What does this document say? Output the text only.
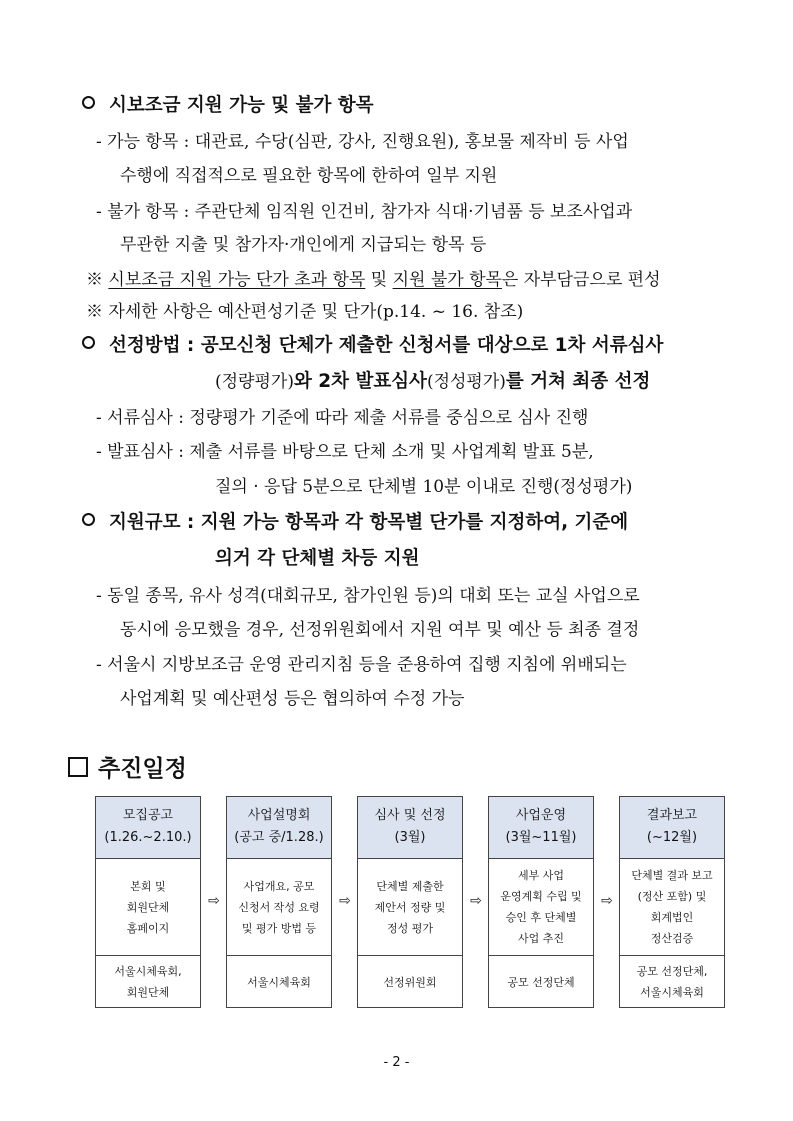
시보조금 지원 가능 및 불가 항목
- 가능 항목 : 대관료, 수당(심판, 강사, 진행요원), 홍보물 제작비 등 사업
수행에 직접적으로 필요한 항목에 한하여 일부 지원
- 불가 항목 : 주관단체 임직원 인건비, 참가자 식대·기념품 등 보조사업과
무관한 지출 및 참가자·개인에게 지급되는 항목 등
※ 시보조금 지원 가능 단가 초과 항목 및 지원 불가 항목은 자부담금으로 편성
※ 자세한 사항은 예산편성기준 및 단가(p.14. ~ 16. 참조)
선정방법 : 공모신청 단체가 제출한 신청서를 대상으로 1차 서류심사
(정량평가)와 2차 발표심사(정성평가)를 거쳐 최종 선정
- 서류심사 : 정량평가 기준에 따라 제출 서류를 중심으로 심사 진행
- 발표심사 : 제출 서류를 바탕으로 단체 소개 및 사업계획 발표 5분,
질의 · 응답 5분으로 단체별 10분 이내로 진행(정성평가)
지원규모 : 지원 가능 항목과 각 항목별 단가를 지정하여, 기준에
의거 각 단체별 차등 지원
- 동일 종목, 유사 성격(대회규모, 참가인원 등)의 대회 또는 교실 사업으로
동시에 응모했을 경우, 선정위원회에서 지원 여부 및 예산 등 최종 결정
- 서울시 지방보조금 운영 관리지침 등을 준용하여 집행 지침에 위배되는
사업계획 및 예산편성 등은 협의하여 수정 가능
추진일정
모집공고
(1.26.~2.10.)
본회 및
회원단체
홈페이지
서울시체육회,
회원단체
⇨
사업설명회
(공고 중/1.28.)
사업개요, 공모
신청서 작성 요령
및 평가 방법 등
서울시체육회
⇨
심사 및 선정
(3월)
단체별 제출한
제안서 정량 및
정성 평가
선정위원회
⇨
사업운영
(3월~11월)
세부 사업
운영계획 수립 및
승인 후 단체별
사업 추진
공모 선정단체
⇨
결과보고
(~12월)
단체별 결과 보고
(정산 포함) 및
회계법인
정산검증
공모 선정단체,
서울시체육회
- 2 -
